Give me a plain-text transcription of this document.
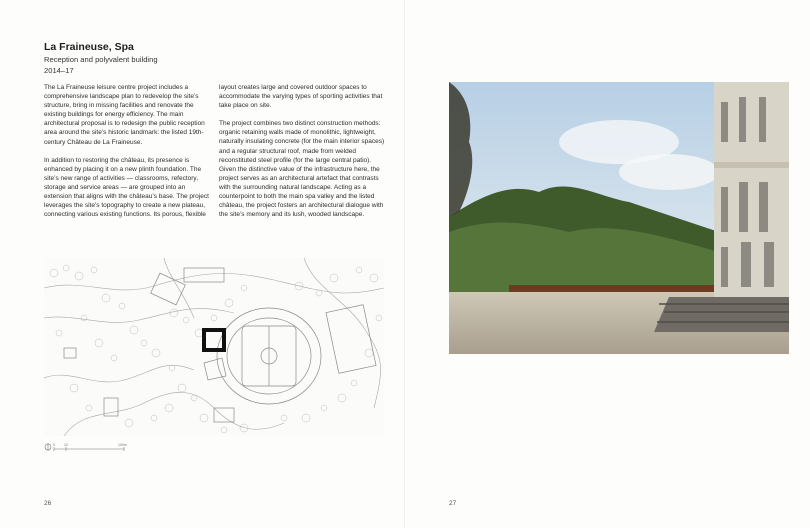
La Fraineuse, Spa
Reception and polyvalent building
2014–17

The La Fraineuse leisure centre project includes a comprehensive landscape plan to redevelop the site’s structure, bring in missing facilities and renovate the existing buildings for energy efficiency. The main architectural proposal is to redesign the public reception area around the site’s historic landmark: the listed 19th-century Château de La Fraineuse.

In addition to restoring the château, its presence is enhanced by placing it on a new plinth foundation. The site’s new range of activities — classrooms, refectory, storage and service areas — are grouped into an extension that aligns with the château’s base. The project leverages the site’s topography to create a new plateau, connecting various existing functions. Its porous, flexible

layout creates large and covered outdoor spaces to accommodate the varying types of sporting activities that take place on site.

The project combines two distinct construction methods: organic retaining walls made of monolithic, lightweight, naturally insulating concrete (for the main interior spaces) and a regular structural roof, made from welded reconstituted steel profile (for the large central patio). Given the distinctive value of the infrastructure here, the project serves as an architectural artefact that contrasts with the surrounding natural landscape. Acting as a counterpoint to both the main spa valley and the listed château, the project fosters an architectural dialogue with the site’s memory and its lush, wooded landscape.

0	10	100m
26	27
